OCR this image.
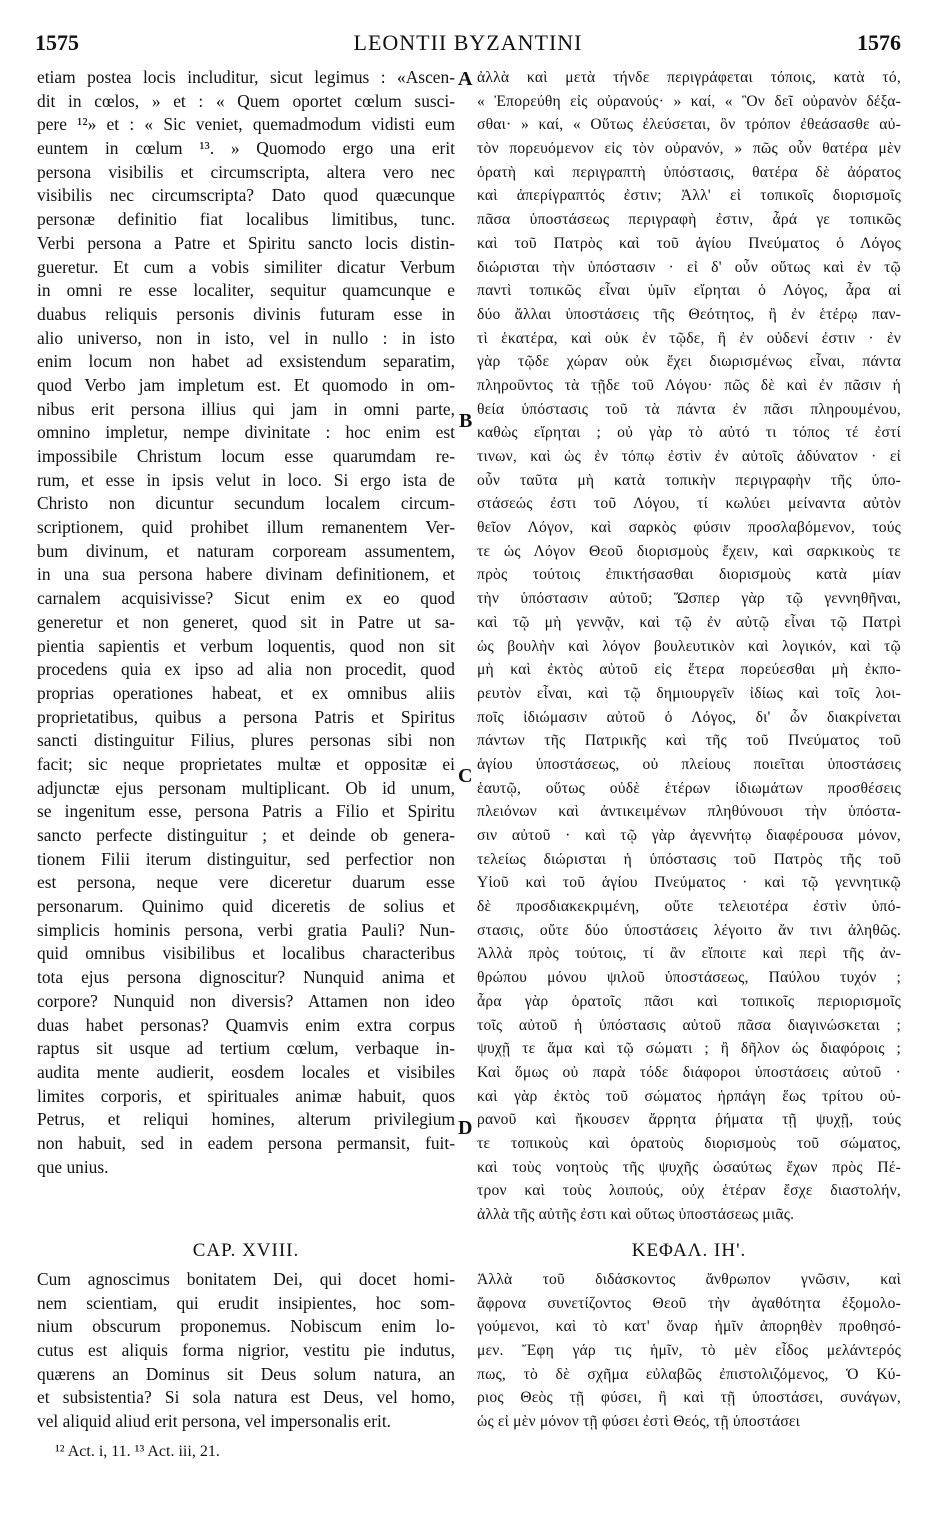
1575	LEONTII BYZANTINI	1576
etiam postea locis includitur, sicut legimus : «Ascen-
dit in cœlos, » et : « Quem oportet cœlum susci-
pere ¹²» et : « Sic veniet, quemadmodum vidisti eum
euntem in cœlum ¹³. » Quomodo ergo una erit
persona visibilis et circumscripta, altera vero nec
visibilis nec circumscripta? Dato quod quæcunque
personæ definitio fiat localibus limitibus, tunc.
Verbi persona a Patre et Spiritu sancto locis distin-
gueretur. Et cum a vobis similiter dicatur Verbum
in omni re esse localiter, sequitur quamcunque e
duabus reliquis personis divinis futuram esse in
alio universo, non in isto, vel in nullo : in isto
enim locum non habet ad exsistendum separatim,
quod Verbo jam impletum est. Et quomodo in om-
nibus erit persona illius qui jam in omni parte,
omnino impletur, nempe divinitate : hoc enim est
impossibile Christum locum esse quarumdam re-
rum, et esse in ipsis velut in loco. Si ergo ista de
Christo non dicuntur secundum localem circum-
scriptionem, quid prohibet illum remanentem Ver-
bum divinum, et naturam corpoream assumentem,
in una sua persona habere divinam definitionem, et
carnalem acquisivisse? Sicut enim ex eo quod
generetur et non generet, quod sit in Patre ut sa-
pientia sapientis et verbum loquentis, quod non sit
procedens quia ex ipso ad alia non procedit, quod
proprias operationes habeat, et ex omnibus aliis
proprietatibus, quibus a persona Patris et Spiritus
sancti distinguitur Filius, plures personas sibi non
facit; sic neque proprietates multæ et oppositæ ei
adjunctæ ejus personam multiplicant. Ob id unum,
se ingenitum esse, persona Patris a Filio et Spiritu
sancto perfecte distinguitur ; et deinde ob genera-
tionem Filii iterum distinguitur, sed perfectior non
est persona, neque vere diceretur duarum esse
personarum. Quinimo quid diceretis de solius et
simplicis hominis persona, verbi gratia Pauli? Nun-
quid omnibus visibilibus et localibus characteribus
tota ejus persona dignoscitur? Nunquid anima et
corpore? Nunquid non diversis? Attamen non ideo
duas habet personas? Quamvis enim extra corpus
raptus sit usque ad tertium cœlum, verbaque in-
audita mente audierit, eosdem locales et visibiles
limites corporis, et spirituales animæ habuit, quos
Petrus, et reliqui homines, alterum privilegium
non habuit, sed in eadem persona permansit, fuit-
que unius.
ἀλλὰ καὶ μετὰ τήνδε περιγράφεται τόποις, κατὰ τό,
« Ἐπορεύθη εἰς οὐρανούς· » καί, « Ὃν δεῖ οὐρανὸν δέξα-
σθαι· » καί, « Οὕτως ἐλεύσεται, ὃν τρόπον ἐθεάσασθε αὐ-
τὸν πορευόμενον εἰς τὸν οὐρανόν, » πῶς οὖν θατέρα μὲν
ὁρατὴ καὶ περιγραπτὴ ὑπόστασις, θατέρα δὲ ἀόρατος
καὶ ἀπερίγραπτός ἐστιν; Ἀλλ' εἰ τοπικοῖς διορισμοῖς
πᾶσα ὑποστάσεως περιγραφὴ ἐστιν, ἆρά γε τοπικῶς
καὶ τοῦ Πατρὸς καὶ τοῦ ἁγίου Πνεύματος ὁ Λόγος
διώρισται τὴν ὑπόστασιν · εἰ δ' οὖν οὕτως καὶ ἐν τῷ
παντὶ τοπικῶς εἶναι ὑμῖν εἴρηται ὁ Λόγος, ἆρα αἱ
δύο ἄλλαι ὑποστάσεις τῆς Θεότητος, ἢ ἐν ἑτέρῳ παν-
τὶ ἑκατέρα, καὶ οὐκ ἐν τῷδε, ἢ ἐν οὐδενί ἐστιν · ἐν
γὰρ τῷδε χώραν οὐκ ἔχει διωρισμένως εἶναι, πάντα
πληροῦντος τὰ τῇδε τοῦ Λόγου· πῶς δὲ καὶ ἐν πᾶσιν ἡ
θεία ὑπόστασις τοῦ τὰ πάντα ἐν πᾶσι πληρουμένου,
καθὼς εἴρηται ; οὐ γὰρ τὸ αὐτό τι τόπος τέ ἐστί
τινων, καὶ ὡς ἐν τόπῳ ἐστὶν ἐν αὐτοῖς ἀδύνατον · εἰ
οὖν ταῦτα μὴ κατὰ τοπικὴν περιγραφὴν τῆς ὑπο-
στάσεώς ἐστι τοῦ Λόγου, τί κωλύει μείναντα αὐτὸν
θεῖον Λόγον, καὶ σαρκὸς φύσιν προσλαβόμενον, τούς
τε ὡς Λόγον Θεοῦ διορισμοὺς ἔχειν, καὶ σαρκικοὺς τε
πρὸς τούτοις ἐπικτήσασθαι διορισμοὺς κατὰ μίαν
τὴν ὑπόστασιν αὐτοῦ; Ὥσπερ γὰρ τῷ γεννηθῆναι,
καὶ τῷ μὴ γεννᾷν, καὶ τῷ ἐν αὐτῷ εἶναι τῷ Πατρὶ
ὡς βουλὴν καὶ λόγον βουλευτικὸν καὶ λογικόν, καὶ τῷ
μὴ καὶ ἐκτὸς αὐτοῦ εἰς ἕτερα πορεύεσθαι μὴ ἐκπο-
ρευτὸν εἶναι, καὶ τῷ δημιουργεῖν ἰδίως καὶ τοῖς λοι-
ποῖς ἰδιώμασιν αὐτοῦ ὁ Λόγος, δι' ὧν διακρίνεται
πάντων τῆς Πατρικῆς καὶ τῆς τοῦ Πνεύματος τοῦ
ἁγίου ὑποστάσεως, οὐ πλείους ποιεῖται ὑποστάσεις
ἑαυτῷ, οὕτως οὐδὲ ἑτέρων ἰδιωμάτων προσθέσεις
πλειόνων καὶ ἀντικειμένων πληθύνουσι τὴν ὑπόστα-
σιν αὐτοῦ · καὶ τῷ γὰρ ἀγεννήτῳ διαφέρουσα μόνον,
τελείως διώρισται ἡ ὑπόστασις τοῦ Πατρὸς τῆς τοῦ
Υἱοῦ καὶ τοῦ ἁγίου Πνεύματος · καὶ τῷ γεννητικῷ
δὲ προσδιακεκριμένη, οὔτε τελειοτέρα ἐστὶν ὑπό-
στασις, οὔτε δύο ὑποστάσεις λέγοιτο ἄν τινι ἀληθῶς.
Ἀλλὰ πρὸς τούτοις, τί ἂν εἴποιτε καὶ περὶ τῆς ἀν-
θρώπου μόνου ψιλοῦ ὑποστάσεως, Παύλου τυχόν ;
ἆρα γὰρ ὁρατοῖς πᾶσι καὶ τοπικοῖς περιορισμοῖς
τοῖς αὐτοῦ ἡ ὑπόστασις αὐτοῦ πᾶσα διαγινώσκεται ;
ψυχῇ τε ἅμα καὶ τῷ σώματι ; ἢ δῆλον ὡς διαφόροις ;
Καὶ ὅμως οὐ παρὰ τόδε διάφοροι ὑποστάσεις αὐτοῦ ·
καὶ γὰρ ἐκτὸς τοῦ σώματος ἡρπάγη ἕως τρίτου οὐ-
ρανοῦ καὶ ἤκουσεν ἄρρητα ῥήματα τῇ ψυχῇ, τούς
τε τοπικοὺς καὶ ὁρατοὺς διορισμοὺς τοῦ σώματος,
καὶ τοὺς νοητοὺς τῆς ψυχῆς ὡσαύτως ἔχων πρὸς Πέ-
τρον καὶ τοὺς λοιπούς, οὐχ ἑτέραν ἔσχε διαστολήν,
ἀλλὰ τῆς αὐτῆς ἐστι καὶ οὕτως ὑποστάσεως μιᾶς.
A
B
C
D
CAP. XVIII.	ΚΕΦΑΛ. ΙΗ'.
Cum agnoscimus bonitatem Dei, qui docet homi-
nem scientiam, qui erudit insipientes, hoc som-
nium obscurum proponemus. Nobiscum enim lo-
cutus est aliquis forma nigrior, vestitu pie indutus,
quærens an Dominus sit Deus solum natura, an
et subsistentia? Si sola natura est Deus, vel homo,
vel aliquid aliud erit persona, vel impersonalis erit.
Ἀλλὰ τοῦ διδάσκοντος ἄνθρωπον γνῶσιν, καὶ
ἄφρονα συνετίζοντος Θεοῦ τὴν ἀγαθότητα ἐξομολο-
γούμενοι, καὶ τὸ κατ' ὄναρ ἡμῖν ἀπορηθὲν προθησό-
μεν. Ἔφη γάρ τις ἡμῖν, τὸ μὲν εἶδος μελάντερός
πως, τὸ δὲ σχῆμα εὐλαβῶς ἐπιστολιζόμενος, Ὁ Κύ-
ριος Θεὸς τῇ φύσει, ἢ καὶ τῇ ὑποστάσει, συνάγων,
ὡς εἰ μὲν μόνον τῇ φύσει ἐστὶ Θεός, τῇ ὑποστάσει
¹² Act. i, 11. ¹³ Act. iii, 21.
